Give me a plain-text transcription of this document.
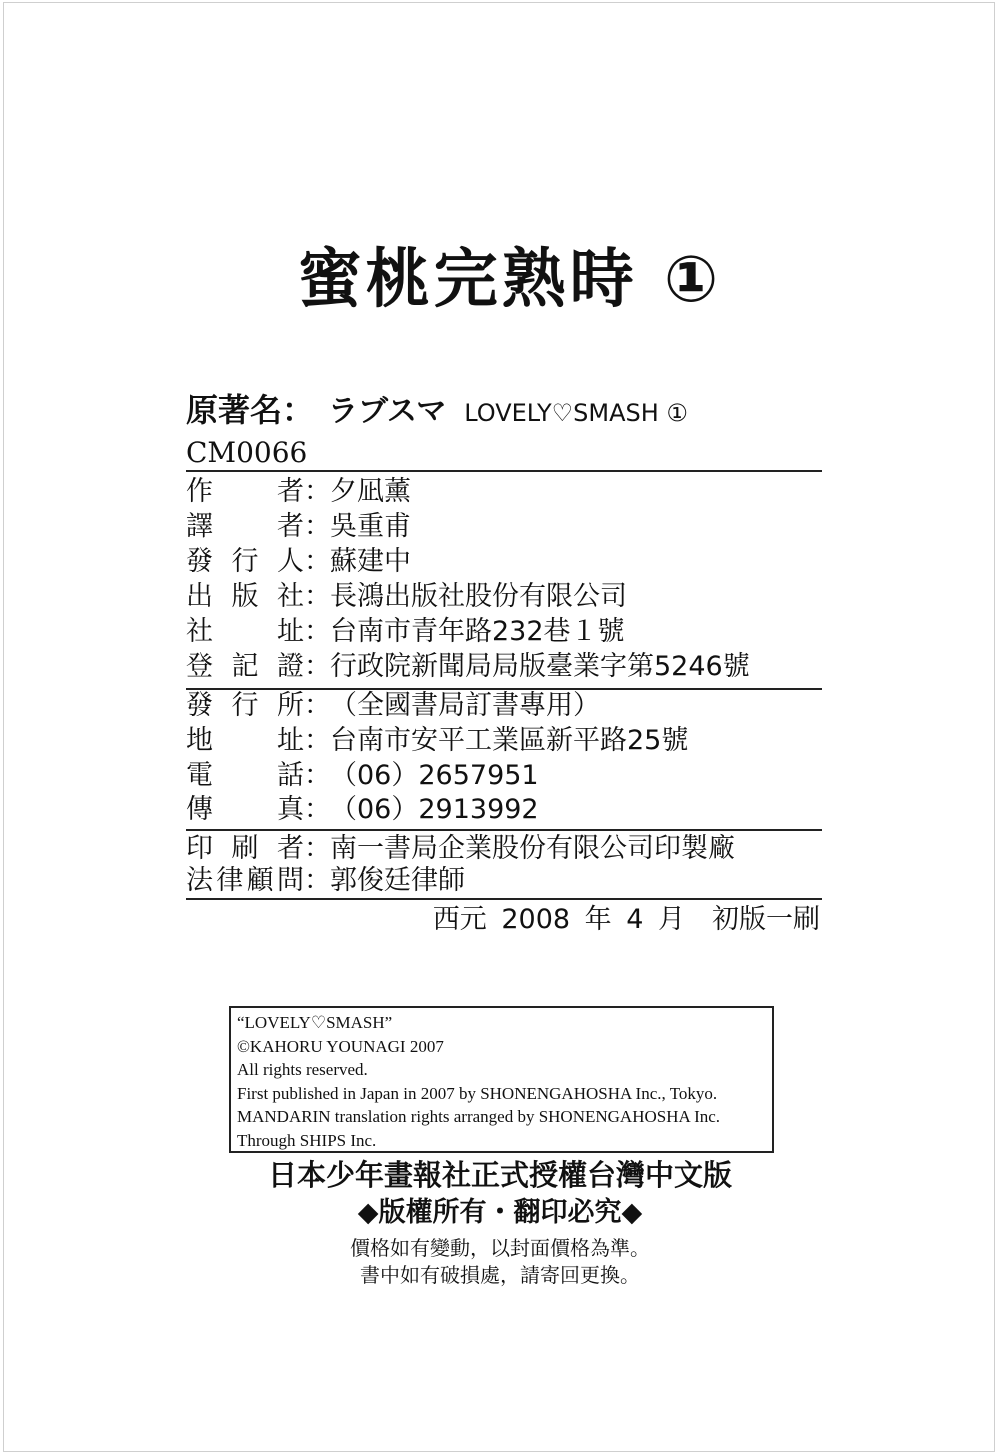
蜜桃完熟時 ①
原著名： ラブスマ LOVELY♡SMASH ①
CM0066
作者 ： 夕凪薰
譯者 ： 吳重甫
發行人 ： 蘇建中
出版社 ： 長鴻出版社股份有限公司
社址 ： 台南市青年路232巷１號
登記證 ： 行政院新聞局局版臺業字第5246號
發行所 ： （全國書局訂書專用）
地址 ： 台南市安平工業區新平路25號
電話 ： （06）2657951
傳真 ： （06）2913992
印刷者 ： 南一書局企業股份有限公司印製廠
法律顧問 ： 郭俊廷律師
西元 2008 年 4 月　初版一刷
“LOVELY♡SMASH”
©KAHORU YOUNAGI 2007
All rights reserved.
First published in Japan in 2007 by SHONENGAHOSHA Inc., Tokyo.
MANDARIN translation rights arranged by SHONENGAHOSHA Inc.
Through SHIPS Inc.
日本少年畫報社正式授權台灣中文版
◆版權所有・翻印必究◆
價格如有變動，以封面價格為準。
書中如有破損處，請寄回更換。
